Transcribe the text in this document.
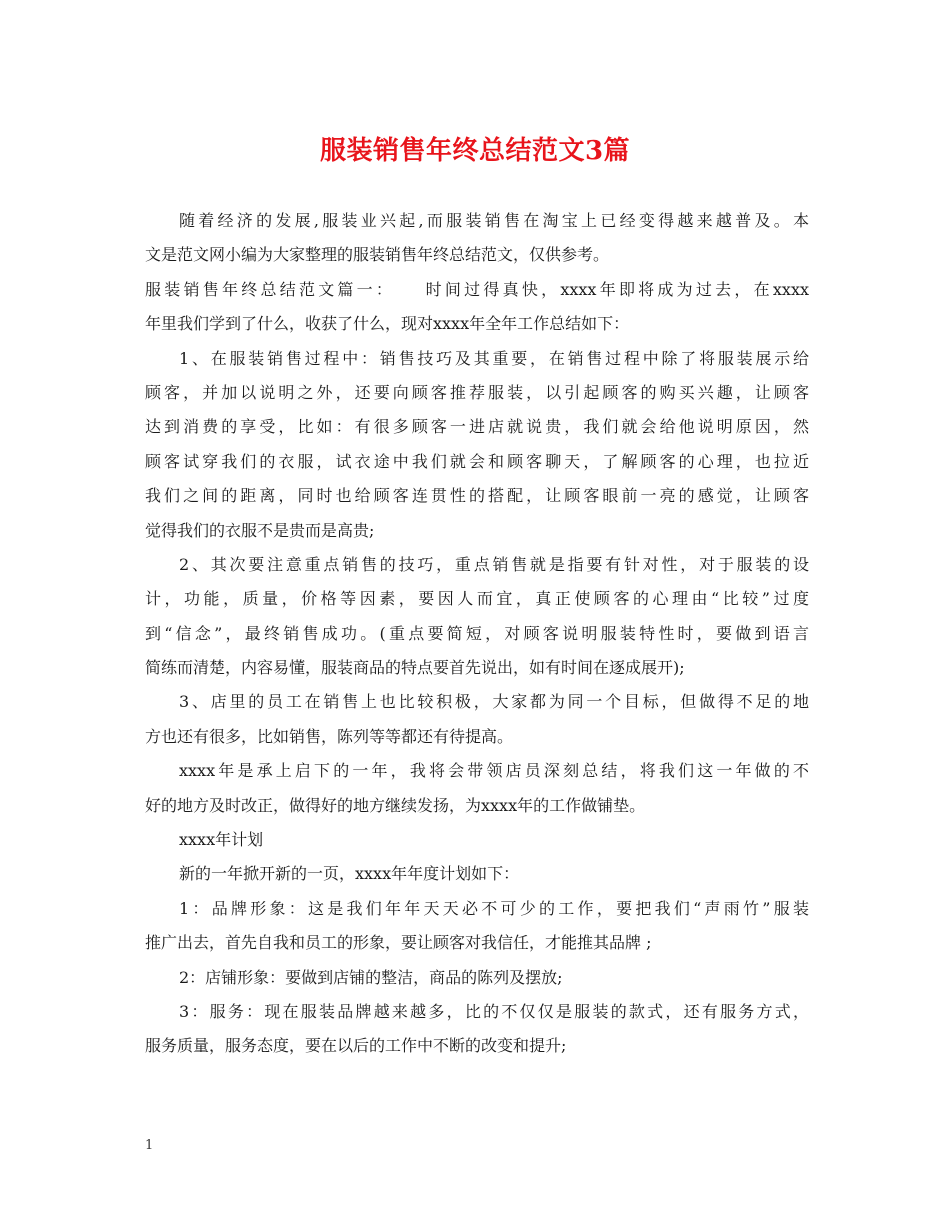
服装销售年终总结范文3篇
随着经济的发展,服装业兴起,而服装销售在淘宝上已经变得越来越普及。本
文是范文网小编为大家整理的服装销售年终总结范文，仅供参考。
服装销售年终总结范文篇一：　　时间过得真快，xxxx年即将成为过去，在xxxx
年里我们学到了什么，收获了什么，现对xxxx年全年工作总结如下：
1、在服装销售过程中：销售技巧及其重要，在销售过程中除了将服装展示给
顾客，并加以说明之外，还要向顾客推荐服装，以引起顾客的购买兴趣，让顾客
达到消费的享受，比如：有很多顾客一进店就说贵，我们就会给他说明原因，然
顾客试穿我们的衣服，试衣途中我们就会和顾客聊天，了解顾客的心理，也拉近
我们之间的距离，同时也给顾客连贯性的搭配，让顾客眼前一亮的感觉，让顾客
觉得我们的衣服不是贵而是高贵;
2、其次要注意重点销售的技巧，重点销售就是指要有针对性，对于服装的设
计，功能，质量，价格等因素，要因人而宜，真正使顾客的心理由“比较”过度
到“信念”，最终销售成功。(重点要简短，对顾客说明服装特性时，要做到语言
简练而清楚，内容易懂，服装商品的特点要首先说出，如有时间在逐成展开);
3、店里的员工在销售上也比较积极，大家都为同一个目标，但做得不足的地
方也还有很多，比如销售，陈列等等都还有待提高。
xxxx年是承上启下的一年，我将会带领店员深刻总结，将我们这一年做的不
好的地方及时改正，做得好的地方继续发扬，为xxxx年的工作做铺垫。
xxxx年计划
新的一年掀开新的一页，xxxx年年度计划如下：
1：品牌形象：这是我们年年天天必不可少的工作，要把我们“声雨竹”服装
推广出去，首先自我和员工的形象，要让顾客对我信任，才能推其品牌 ;
2：店铺形象：要做到店铺的整洁，商品的陈列及摆放;
3：服务：现在服装品牌越来越多，比的不仅仅是服装的款式，还有服务方式，
服务质量，服务态度，要在以后的工作中不断的改变和提升;
1
